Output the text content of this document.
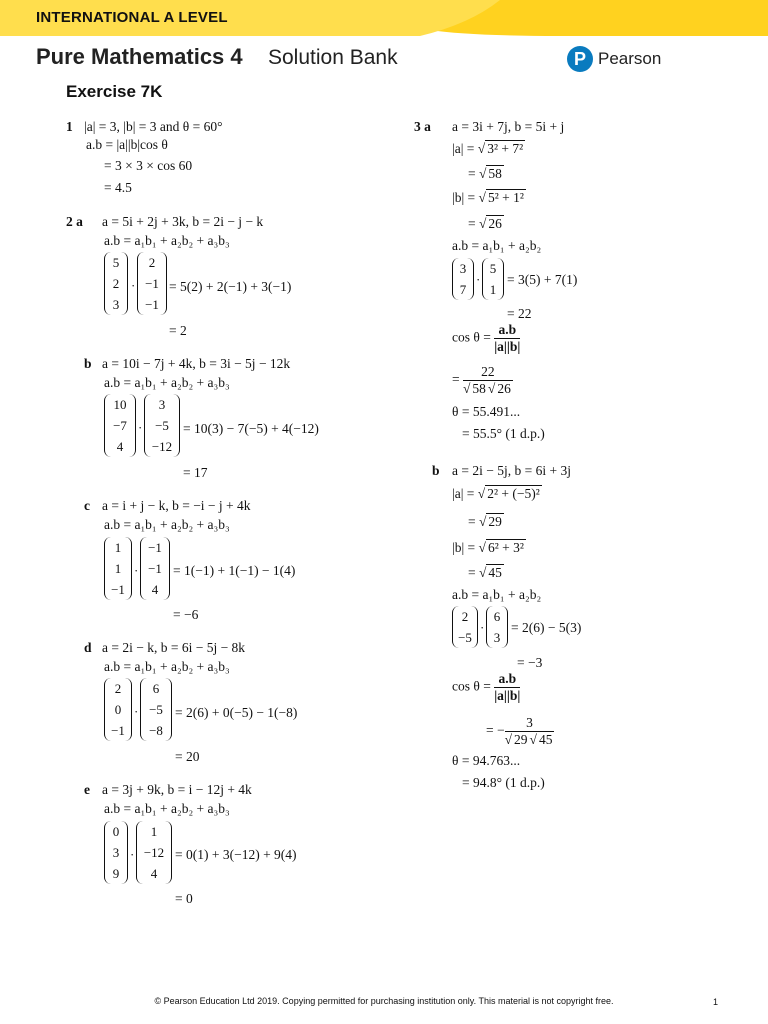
INTERNATIONAL A LEVEL
Pure Mathematics 4 Solution Bank	P Pearson
Exercise 7K
1 |a| = 3, |b| = 3 and θ = 60°
a.b = |a||b|cos θ
= 3 × 3 × cos 60
= 4.5
2 a a = 5i + 2j + 3k, b = 2i − j − k
a.b = a₁b₁ + a₂b₂ + a₃b₃
5
2
3
·
2
−1
−1
= 5(2) + 2(−1) + 3(−1)
= 2
b a = 10i − 7j + 4k, b = 3i − 5j − 12k
a.b = a₁b₁ + a₂b₂ + a₃b₃
10
−7
4
·
3
−5
−12
= 10(3) − 7(−5) + 4(−12)
= 17
c a = i + j − k, b = −i − j + 4k
a.b = a₁b₁ + a₂b₂ + a₃b₃
1
1
−1
·
−1
−1
4
= 1(−1) + 1(−1) − 1(4)
= −6
d a = 2i − k, b = 6i − 5j − 8k
a.b = a₁b₁ + a₂b₂ + a₃b₃
2
0
−1
·
6
−5
−8
= 2(6) + 0(−5) − 1(−8)
= 20
e a = 3j + 9k, b = i − 12j + 4k
a.b = a₁b₁ + a₂b₂ + a₃b₃
0
3
9
·
1
−12
4
= 0(1) + 3(−12) + 9(4)
= 0
3 a a = 3i + 7j, b = 5i + j
|a| = √ 3² + 7²
= √ 58
|b| = √ 5² + 1²
= √ 26
a.b = a₁b₁ + a₂b₂
3
7
·
5
1
= 3(5) + 7(1)
= 22
$\cos \theta = \frac{a.b}{|a||b|}$
= $\frac{22}{√ 58 √ 26}$
θ = 55.491...
= 55.5° (1 d.p.)
b a = 2i − 5j, b = 6i + 3j
|a| = √ 2² + (−5)²
= √ 29
|b| = √ 6² + 3²
= √ 45
a.b = a₁b₁ + a₂b₂
2
−5
·
6
3
= 2(6) − 5(3)
= −3
$\cos \theta = \frac{a.b}{|a||b|}$
= − $\frac{3}{√ 29 √ 45}$
θ = 94.763...
= 94.8° (1 d.p.)
© Pearson Education Ltd 2019. Copying permitted for purchasing institution only. This material is not copyright free.	1
